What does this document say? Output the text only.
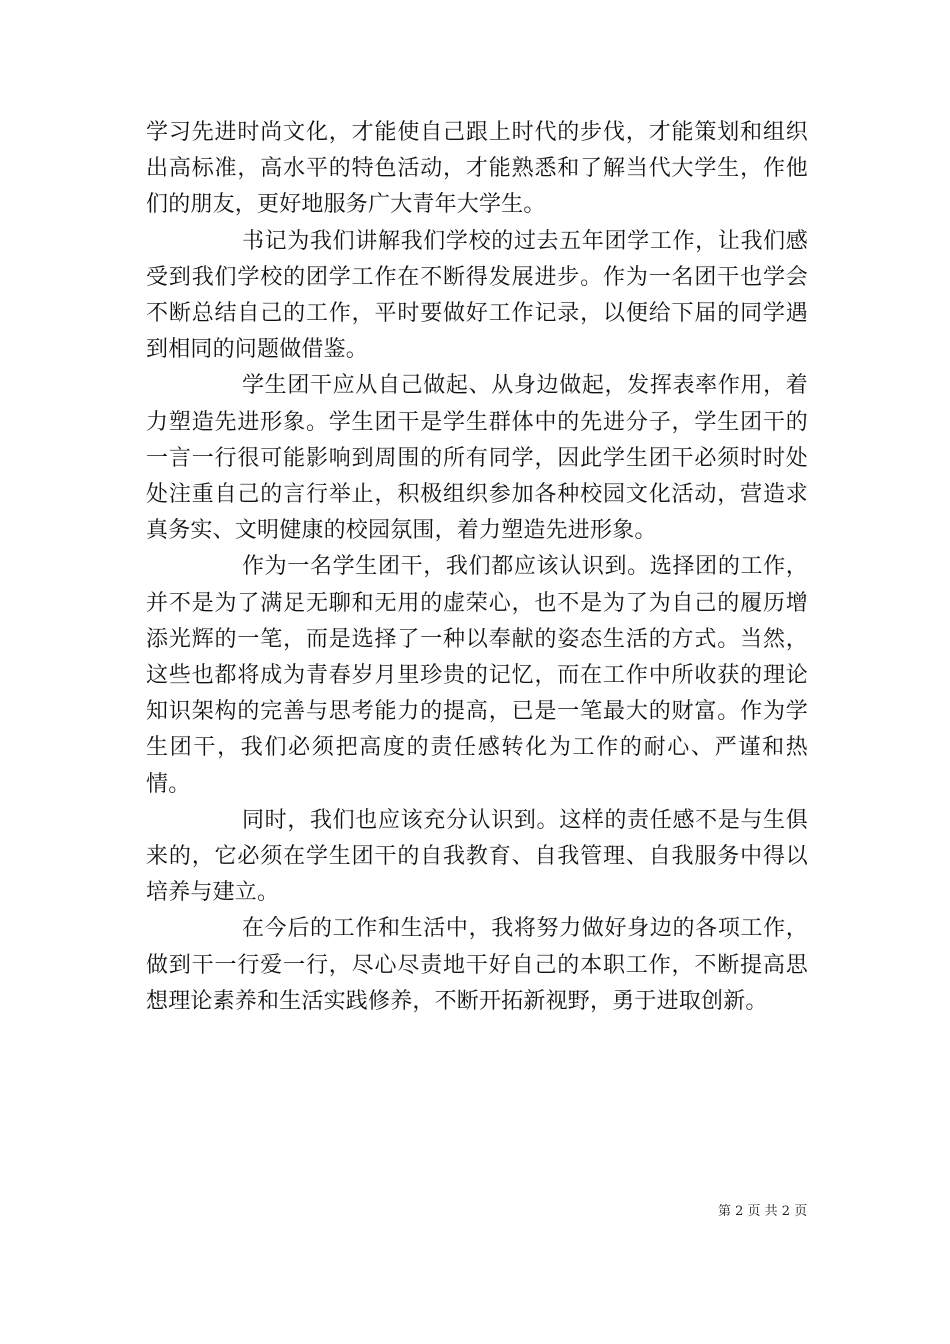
学习先进时尚文化，才能使自己跟上时代的步伐，才能策划和组织出高标准，高水平的特色活动，才能熟悉和了解当代大学生，作他们的朋友，更好地服务广大青年大学生。

书记为我们讲解我们学校的过去五年团学工作，让我们感受到我们学校的团学工作在不断得发展进步。作为一名团干也学会不断总结自己的工作，平时要做好工作记录，以便给下届的同学遇到相同的问题做借鉴。

学生团干应从自己做起、从身边做起，发挥表率作用，着力塑造先进形象。学生团干是学生群体中的先进分子，学生团干的一言一行很可能影响到周围的所有同学，因此学生团干必须时时处处注重自己的言行举止，积极组织参加各种校园文化活动，营造求真务实、文明健康的校园氛围，着力塑造先进形象。

作为一名学生团干，我们都应该认识到。选择团的工作，并不是为了满足无聊和无用的虚荣心，也不是为了为自己的履历增添光辉的一笔，而是选择了一种以奉献的姿态生活的方式。当然，这些也都将成为青春岁月里珍贵的记忆，而在工作中所收获的理论知识架构的完善与思考能力的提高，已是一笔最大的财富。作为学生团干，我们必须把高度的责任感转化为工作的耐心、严谨和热情。

同时，我们也应该充分认识到。这样的责任感不是与生俱来的，它必须在学生团干的自我教育、自我管理、自我服务中得以培养与建立。

在今后的工作和生活中，我将努力做好身边的各项工作，做到干一行爱一行，尽心尽责地干好自己的本职工作，不断提高思想理论素养和生活实践修养，不断开拓新视野，勇于进取创新。

第 2 页 共 2 页
